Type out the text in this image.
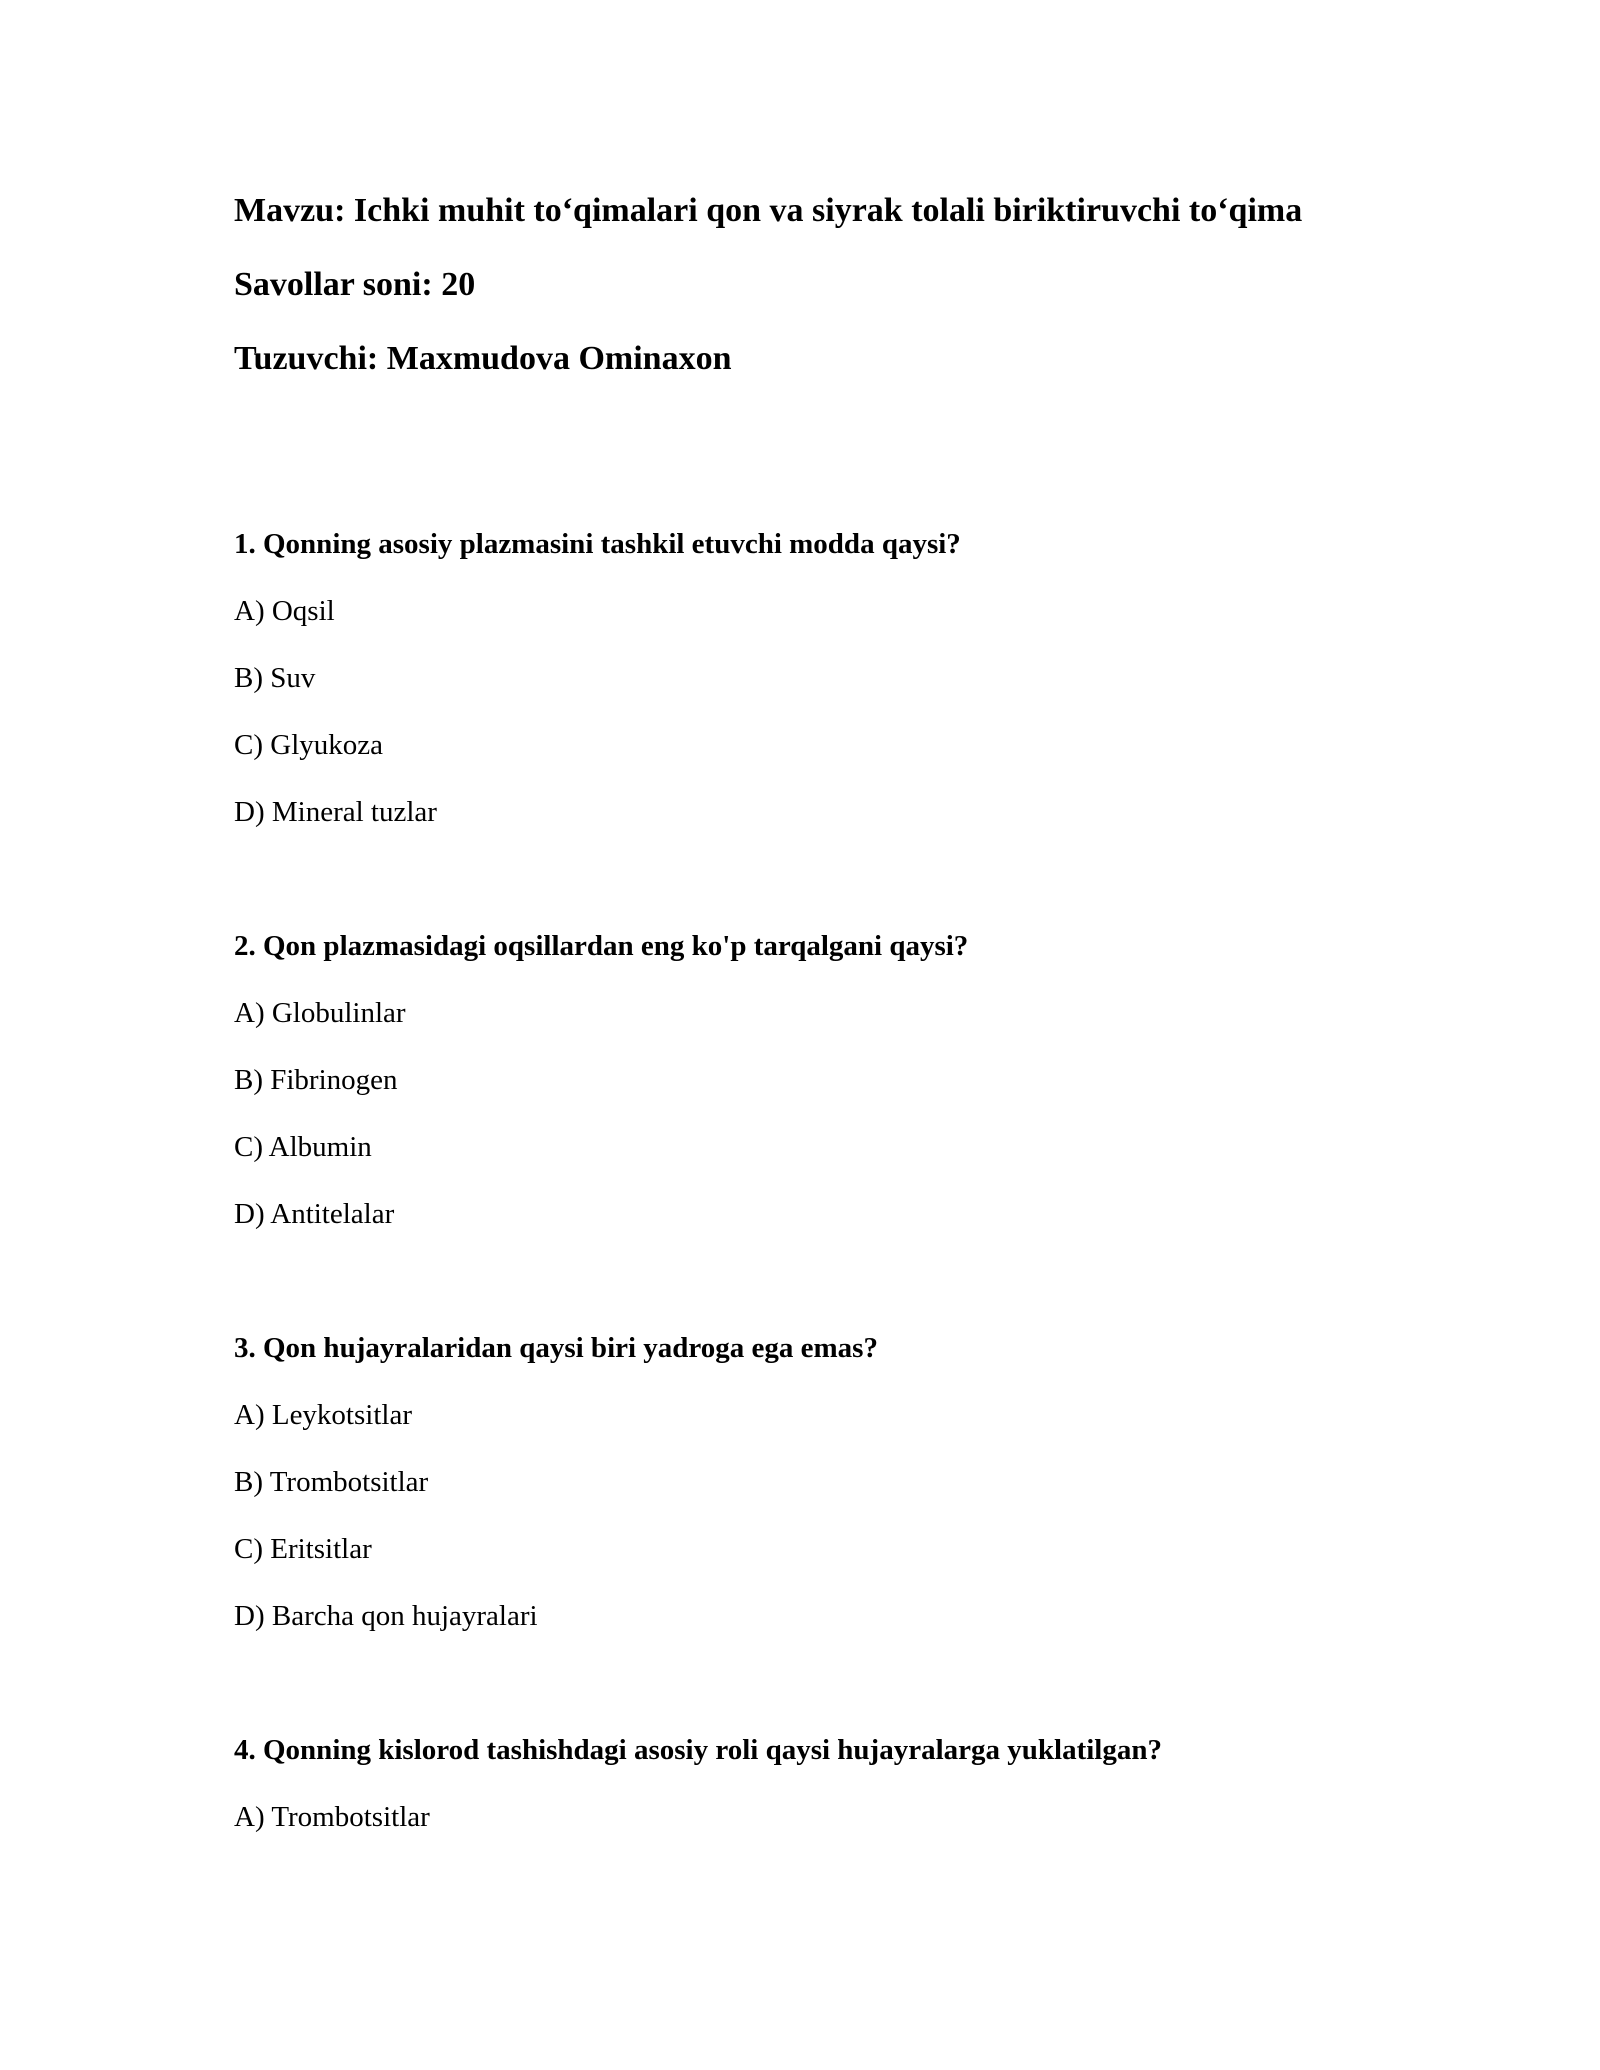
Mavzu: Ichki muhit to‘qimalari qon va siyrak tolali biriktiruvchi to‘qima

Savollar soni: 20

Tuzuvchi: Maxmudova Ominaxon

1. Qonning asosiy plazmasini tashkil etuvchi modda qaysi?

A) Oqsil

B) Suv

C) Glyukoza

D) Mineral tuzlar

2. Qon plazmasidagi oqsillardan eng ko'p tarqalgani qaysi?

A) Globulinlar

B) Fibrinogen

C) Albumin

D) Antitelalar

3. Qon hujayralaridan qaysi biri yadroga ega emas?

A) Leykotsitlar

B) Trombotsitlar

C) Eritsitlar

D) Barcha qon hujayralari

4. Qonning kislorod tashishdagi asosiy roli qaysi hujayralarga yuklatilgan?

A) Trombotsitlar
